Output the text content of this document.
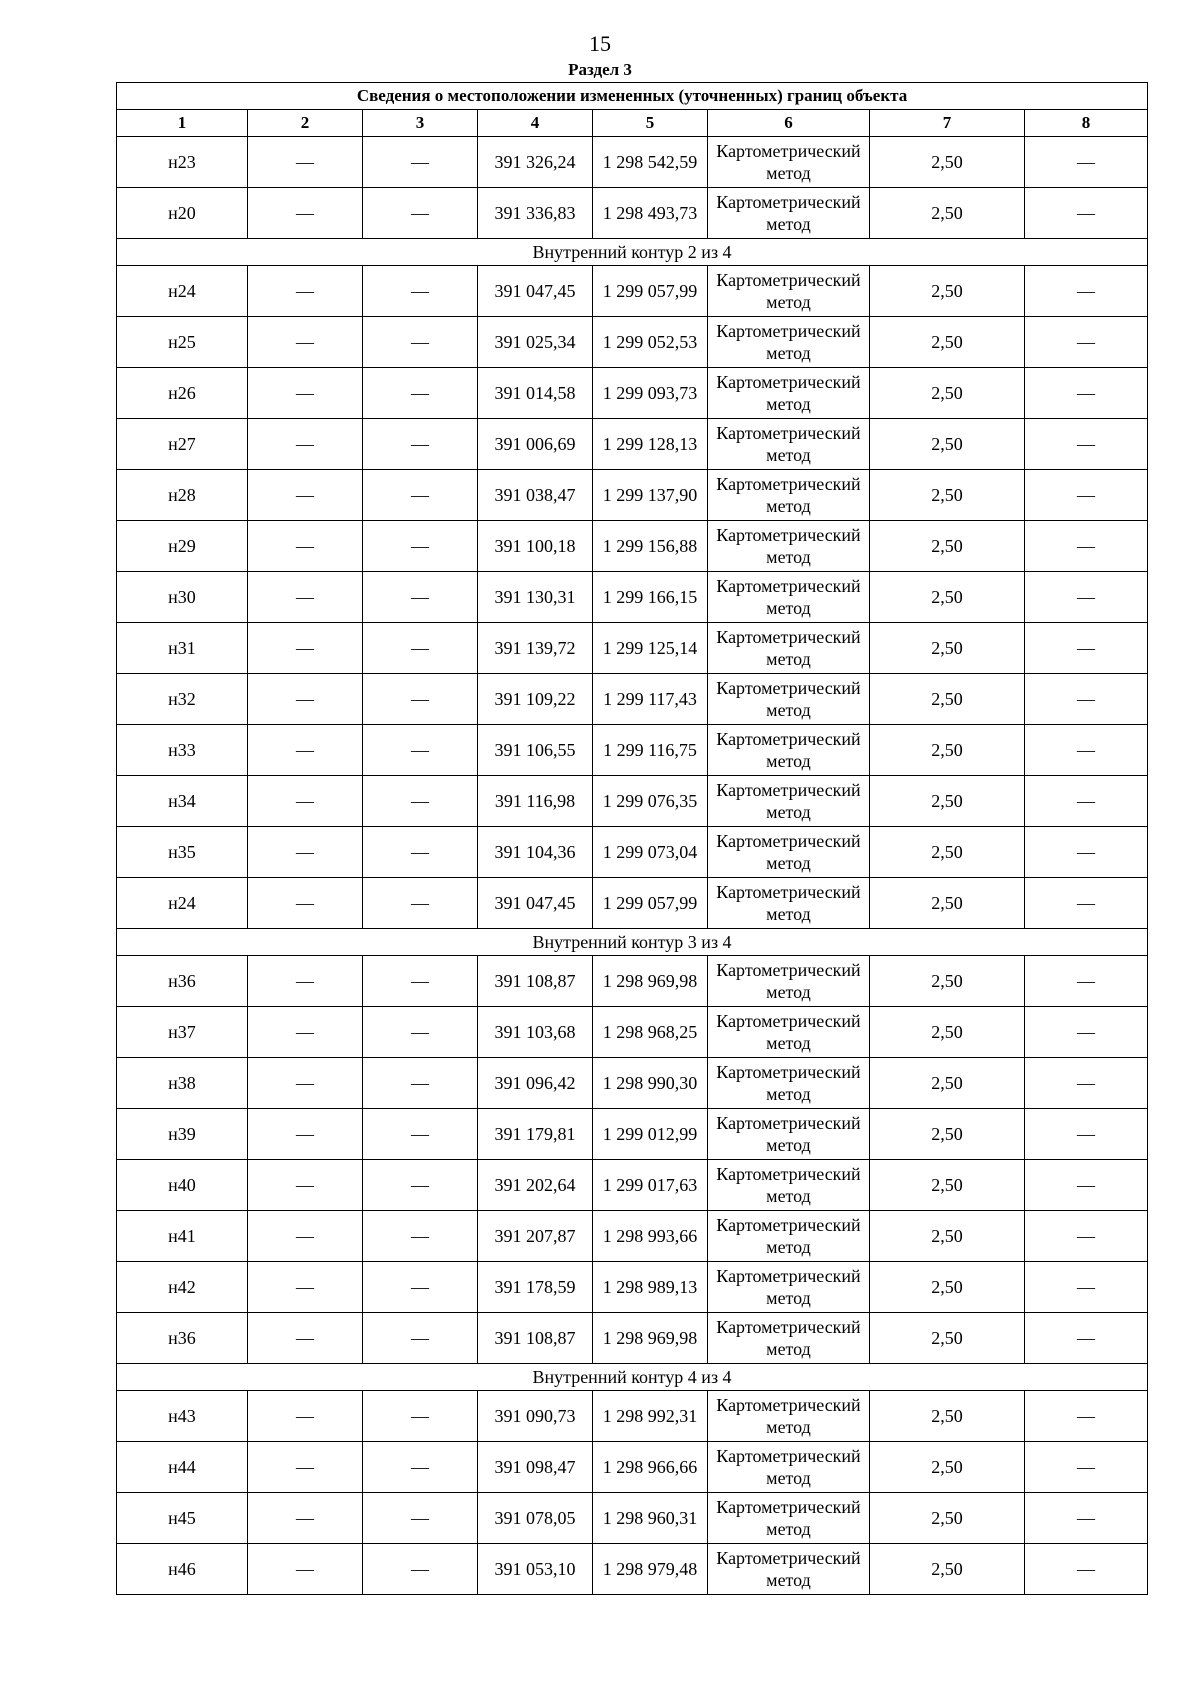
15
Раздел 3
Сведения о местоположении измененных (уточненных) границ объекта							
1	2	3	4	5	6	7	8
н23	—	—	391 326,24	1 298 542,59	Картометрический метод	2,50	—
н20	—	—	391 336,83	1 298 493,73	Картометрический метод	2,50	—
Внутренний контур 2 из 4							
н24	—	—	391 047,45	1 299 057,99	Картометрический метод	2,50	—
н25	—	—	391 025,34	1 299 052,53	Картометрический метод	2,50	—
н26	—	—	391 014,58	1 299 093,73	Картометрический метод	2,50	—
н27	—	—	391 006,69	1 299 128,13	Картометрический метод	2,50	—
н28	—	—	391 038,47	1 299 137,90	Картометрический метод	2,50	—
н29	—	—	391 100,18	1 299 156,88	Картометрический метод	2,50	—
н30	—	—	391 130,31	1 299 166,15	Картометрический метод	2,50	—
н31	—	—	391 139,72	1 299 125,14	Картометрический метод	2,50	—
н32	—	—	391 109,22	1 299 117,43	Картометрический метод	2,50	—
н33	—	—	391 106,55	1 299 116,75	Картометрический метод	2,50	—
н34	—	—	391 116,98	1 299 076,35	Картометрический метод	2,50	—
н35	—	—	391 104,36	1 299 073,04	Картометрический метод	2,50	—
н24	—	—	391 047,45	1 299 057,99	Картометрический метод	2,50	—
Внутренний контур 3 из 4							
н36	—	—	391 108,87	1 298 969,98	Картометрический метод	2,50	—
н37	—	—	391 103,68	1 298 968,25	Картометрический метод	2,50	—
н38	—	—	391 096,42	1 298 990,30	Картометрический метод	2,50	—
н39	—	—	391 179,81	1 299 012,99	Картометрический метод	2,50	—
н40	—	—	391 202,64	1 299 017,63	Картометрический метод	2,50	—
н41	—	—	391 207,87	1 298 993,66	Картометрический метод	2,50	—
н42	—	—	391 178,59	1 298 989,13	Картометрический метод	2,50	—
н36	—	—	391 108,87	1 298 969,98	Картометрический метод	2,50	—
Внутренний контур 4 из 4							
н43	—	—	391 090,73	1 298 992,31	Картометрический метод	2,50	—
н44	—	—	391 098,47	1 298 966,66	Картометрический метод	2,50	—
н45	—	—	391 078,05	1 298 960,31	Картометрический метод	2,50	—
н46	—	—	391 053,10	1 298 979,48	Картометрический метод	2,50	—
